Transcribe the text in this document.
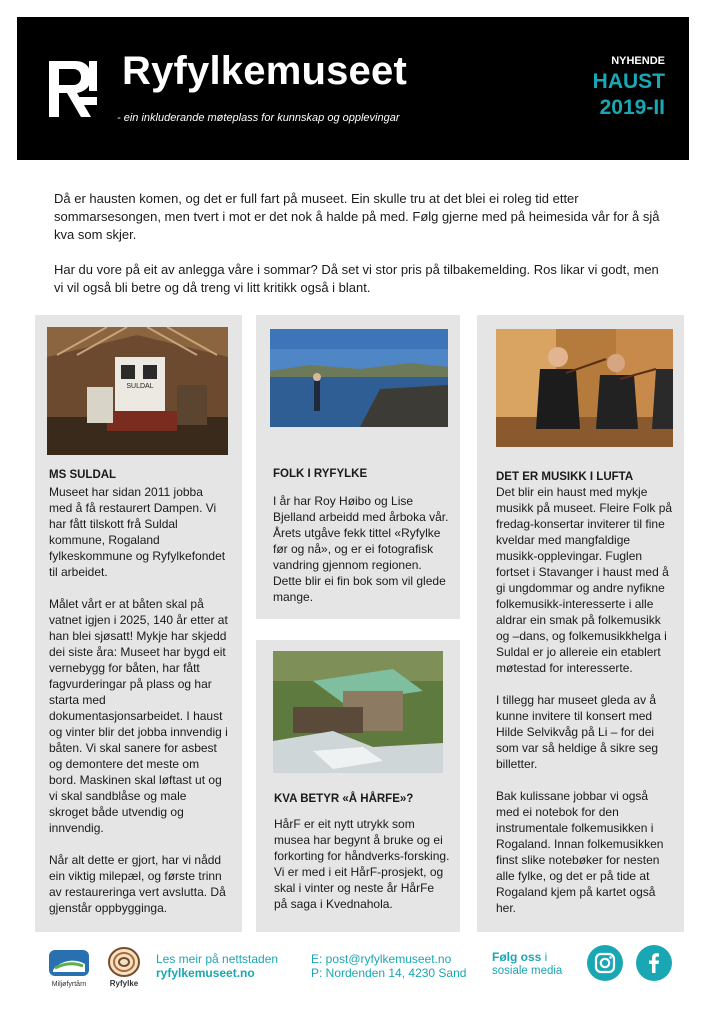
Ryfylkemuseet
- ein inkluderande møteplass for kunnskap og opplevingar
NYHENDE
HAUST
2019-II

Då er hausten komen, og det er full fart på museet. Ein skulle tru at det blei ei roleg tid etter sommarsesongen, men tvert i mot er det nok å halde på med. Følg gjerne med på heimesida vår for å sjå kva som skjer.

Har du vore på eit av anlegga våre i sommar? Då set vi stor pris på tilbakemelding. Ros likar vi godt, men vi vil også bli betre og då treng vi litt kritikk også i blant.

SULDAL
MS SULDAL

Museet har sidan 2011 jobba med å få restaurert Dampen. Vi har fått tilskott frå Suldal kommune, Rogaland fylkeskommune og Ryfylkefondet til arbeidet.

Målet vårt er at båten skal på vatnet igjen i 2025, 140 år etter at han blei sjøsatt! Mykje har skjedd dei siste åra: Museet har bygd eit vernebygg for båten, har fått fagvurderingar på plass og har starta med dokumentasjonsarbeidet. I haust og vinter blir det jobba innvendig i båten. Vi skal sanere for asbest og demontere det meste om bord. Maskinen skal løftast ut og vi skal sandblåse og male skroget både utvendig og innvendig.

Når alt dette er gjort, har vi nådd ein viktig milepæl, og første trinn av restaureringa vert avslutta. Då gjenstår oppbygginga.

FOLK I RYFYLKE

I år har Roy Høibo og Lise Bjelland arbeidd med årboka vår. Årets utgåve fekk tittel «Ryfylke før og nå», og er ei fotografisk vandring gjennom regionen. Dette blir ei fin bok som vil glede mange.

KVA BETYR «Å HÅRFE»?

HårF er eit nytt utrykk som musea har begynt å bruke og ei forkorting for håndverks-forsking.

Vi er med i eit HårF-prosjekt, og skal i vinter og neste år HårFe på saga i Kvednahola.

DET ER MUSIKK I LUFTA

Det blir ein haust med mykje musikk på museet. Fleire Folk på fredag-konsertar inviterer til fine kveldar med mangfaldige musikk-opplevingar. Fuglen fortset i Stavanger i haust med å gi ungdommar og andre nyfikne folkemusikk-interesserte i alle aldrar ein smak på folkemusikk og –dans, og folkemusikkhelga i Suldal er jo allereie ein etablert møtestad for interesserte.

I tillegg har museet gleda av å kunne invitere til konsert med Hilde Selvikvåg på Li – for dei som var så heldige å sikre seg billetter.

Bak kulissane jobbar vi også med ei notebok for den instrumentale folkemusikken i Rogaland. Innan folkemusikken finst slike notebøker for nesten alle fylke, og det er på tide at Rogaland kjem på kartet også her.

Miljøfyrtårn	Ryfylke
Les meir på nettstaden
ryfylkemuseet.no
E: post@ryfylkemuseet.no
P: Nordenden 14, 4230 Sand
Følg oss i
sosiale media
